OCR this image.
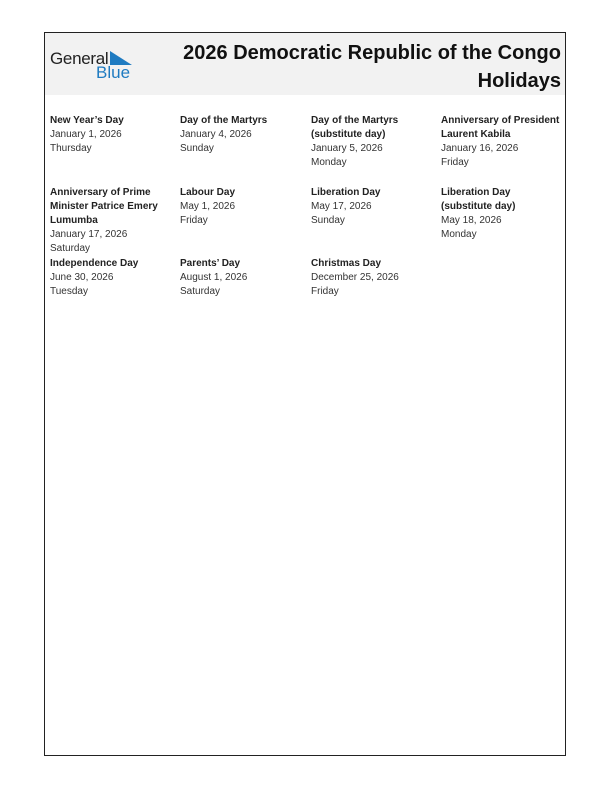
General
Blue
2026 Democratic Republic of the Congo Holidays
New Year’s Day
January 1, 2026
Thursday
Day of the Martyrs
January 4, 2026
Sunday
Day of the Martyrs (substitute day)
January 5, 2026
Monday
Anniversary of President Laurent Kabila
January 16, 2026
Friday
Anniversary of Prime Minister Patrice Emery Lumumba
January 17, 2026
Saturday
Labour Day
May 1, 2026
Friday
Liberation Day
May 17, 2026
Sunday
Liberation Day (substitute day)
May 18, 2026
Monday
Independence Day
June 30, 2026
Tuesday
Parents’ Day
August 1, 2026
Saturday
Christmas Day
December 25, 2026
Friday
